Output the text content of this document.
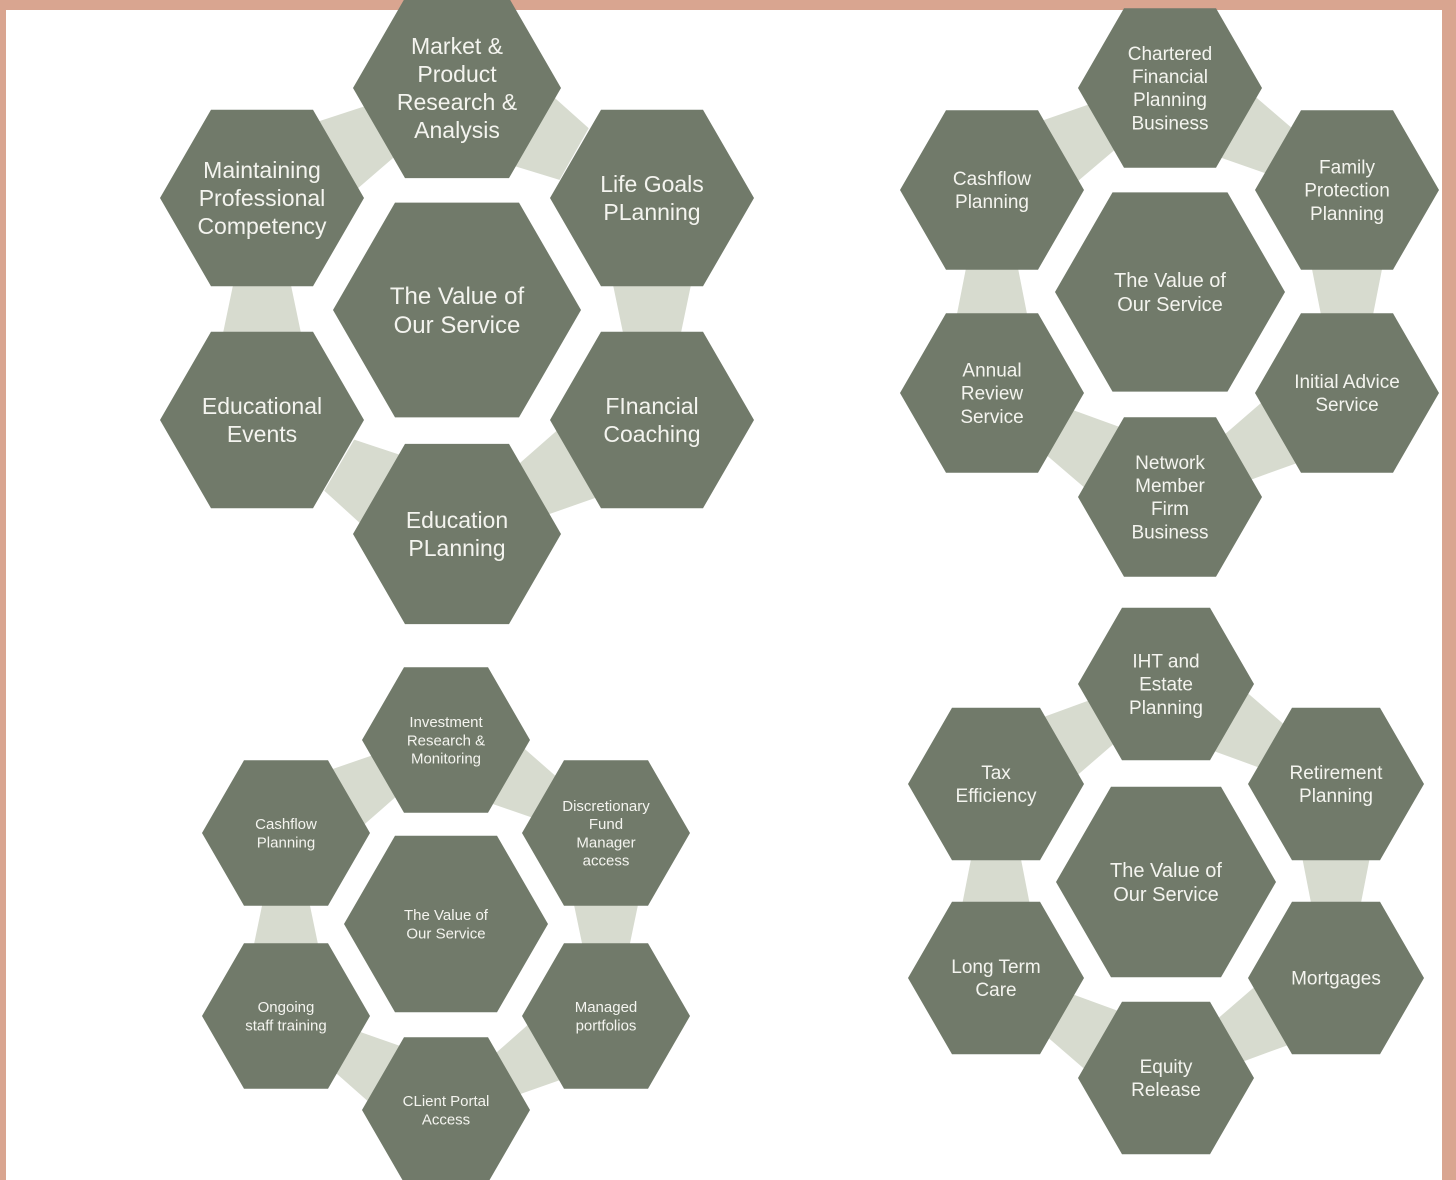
The Value of Our Service
Market & Product Research & Analysis
Life Goals PLanning
FInancial Coaching
Education PLanning
Educational Events
Maintaining Professional Competency
The Value of Our Service
Chartered Financial Planning Business
Family Protection Planning
Initial Advice Service
Network Member Firm Business
Annual Review Service
Cashflow Planning
The Value of Our Service
Investment Research & Monitoring
Discretionary Fund Manager access
Managed portfolios
CLient Portal Access
Ongoing staff training
Cashflow Planning
The Value of Our Service
IHT and Estate Planning
Retirement Planning
Mortgages
Equity Release
Long Term Care
Tax Efficiency
